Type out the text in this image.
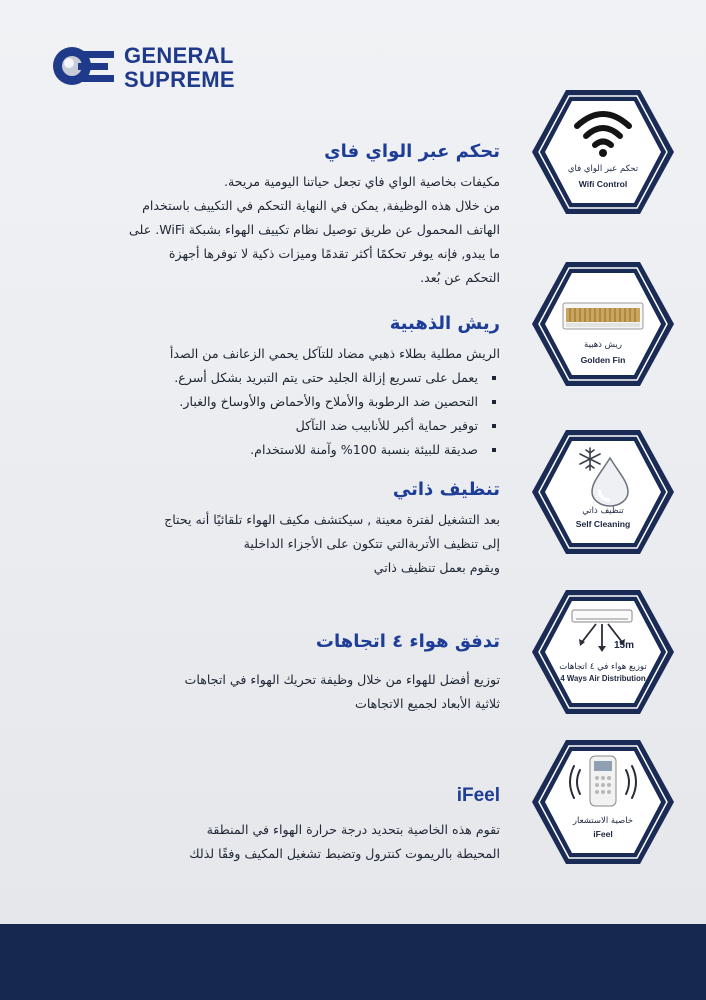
GENERAL
SUPREME
تحكم عبر الواي فاي

مكيفات بخاصية الواي فاي تجعل حياتنا اليومية مريحة.

من خلال هذه الوظيفة, يمكن في النهاية التحكم في التكييف باستخدام

الهاتف المحمول عن طريق توصيل نظام تكييف الهواء بشبكة WiFi. على

ما يبدو, فإنه يوفر تحكمًا أكثر تقدمًا وميزات ذكية لا توفرها أجهزة

التحكم عن بُعد.

ريش الذهبية

الريش مطلية بطلاء ذهبي مضاد للتآكل يحمي الزعانف من الصدأ

يعمل على تسريع إزالة الجليد حتى يتم التبريد بشكل أسرع.
التحصين ضد الرطوبة والأملاح والأحماض والأوساخ والغبار.
توفير حماية أكبر للأنابيب ضد التآكل
صديقة للبيئة بنسبة 100% وآمنة للاستخدام.
تنظيف ذاتي

بعد التشغيل لفترة معينة , سيكتشف مكيف الهواء تلقائيًا أنه يحتاج

إلى تنظيف الأتربةالتي تتكون على الأجزاء الداخلية

ويقوم بعمل تنظيف ذاتي

تدفق هواء ٤ اتجاهات

توزيع أفضل للهواء من خلال وظيفة تحريك الهواء في اتجاهات

ثلاثية الأبعاد لجميع الاتجاهات

iFeel

تقوم هذه الخاصية بتحديد درجة حرارة الهواء في المنطقة

المحيطة بالريموت كنترول وتضبط تشغيل المكيف وفقًا لذلك

تحكم عبر الواي فاي
Wifi Control
ريش ذهبية
Golden Fin
تنظيف ذاتي
Self Cleaning
15m
توزيع هواء في ٤ اتجاهات
4 Ways Air Distribution
خاصية الاستشعار
iFeel
